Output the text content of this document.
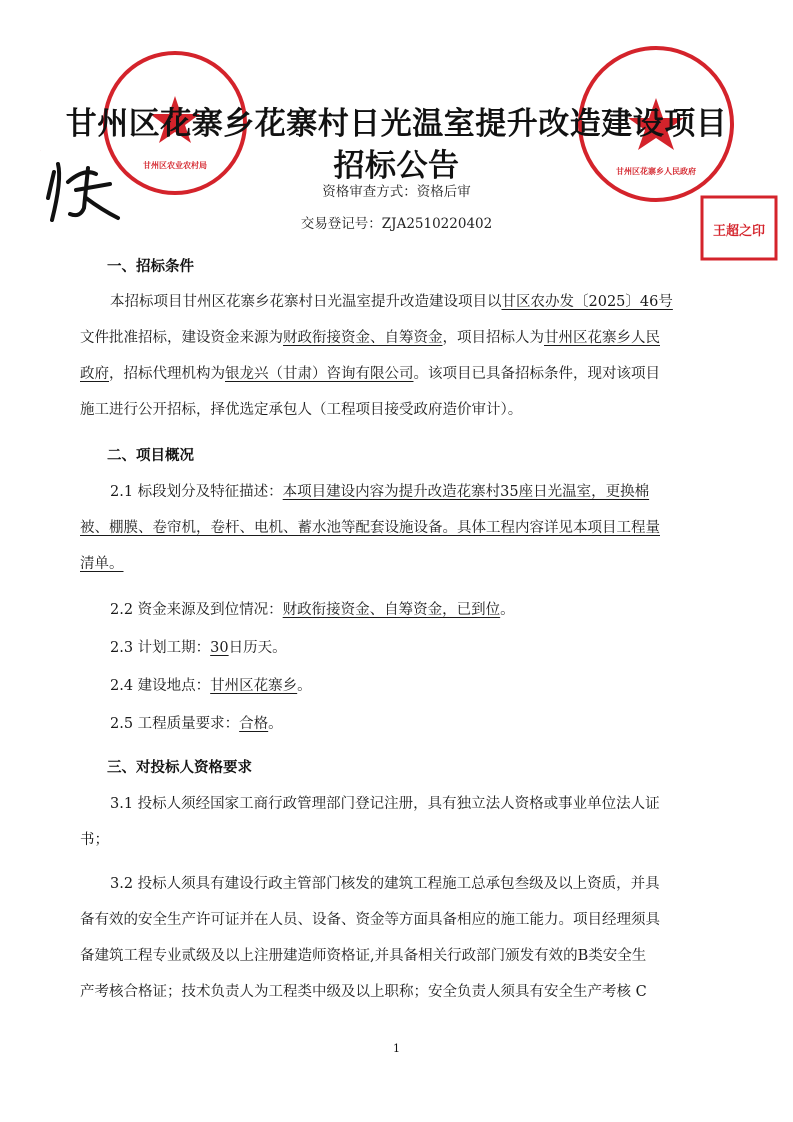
甘州区农业农村局
甘州区花寨乡人民政府
王超之印
张
甘州区花寨乡花寨村日光温室提升改造建设项目
招标公告
资格审查方式：资格后审
交易登记号：ZJA2510220402
一、招标条件
本招标项目甘州区花寨乡花寨村日光温室提升改造建设项目以甘区农办发〔2025〕46号
文件批准招标，建设资金来源为财政衔接资金、自筹资金，项目招标人为甘州区花寨乡人民
政府，招标代理机构为银龙兴（甘肃）咨询有限公司。该项目已具备招标条件，现对该项目
施工进行公开招标，择优选定承包人（工程项目接受政府造价审计）。
二、项目概况
2.1 标段划分及特征描述：本项目建设内容为提升改造花寨村35座日光温室，更换棉
被、棚膜、卷帘机，卷杆、电机、蓄水池等配套设施设备。具体工程内容详见本项目工程量
清单。
2.2 资金来源及到位情况：财政衔接资金、自筹资金，已到位。
2.3 计划工期：30日历天。
2.4 建设地点：甘州区花寨乡。
2.5 工程质量要求：合格。
三、对投标人资格要求
3.1 投标人须经国家工商行政管理部门登记注册，具有独立法人资格或事业单位法人证
书；
3.2 投标人须具有建设行政主管部门核发的建筑工程施工总承包叁级及以上资质，并具
备有效的安全生产许可证并在人员、设备、资金等方面具备相应的施工能力。项目经理须具
备建筑工程专业贰级及以上注册建造师资格证,并具备相关行政部门颁发有效的B类安全生
产考核合格证；技术负责人为工程类中级及以上职称；安全负责人须具有安全生产考核 C
1
